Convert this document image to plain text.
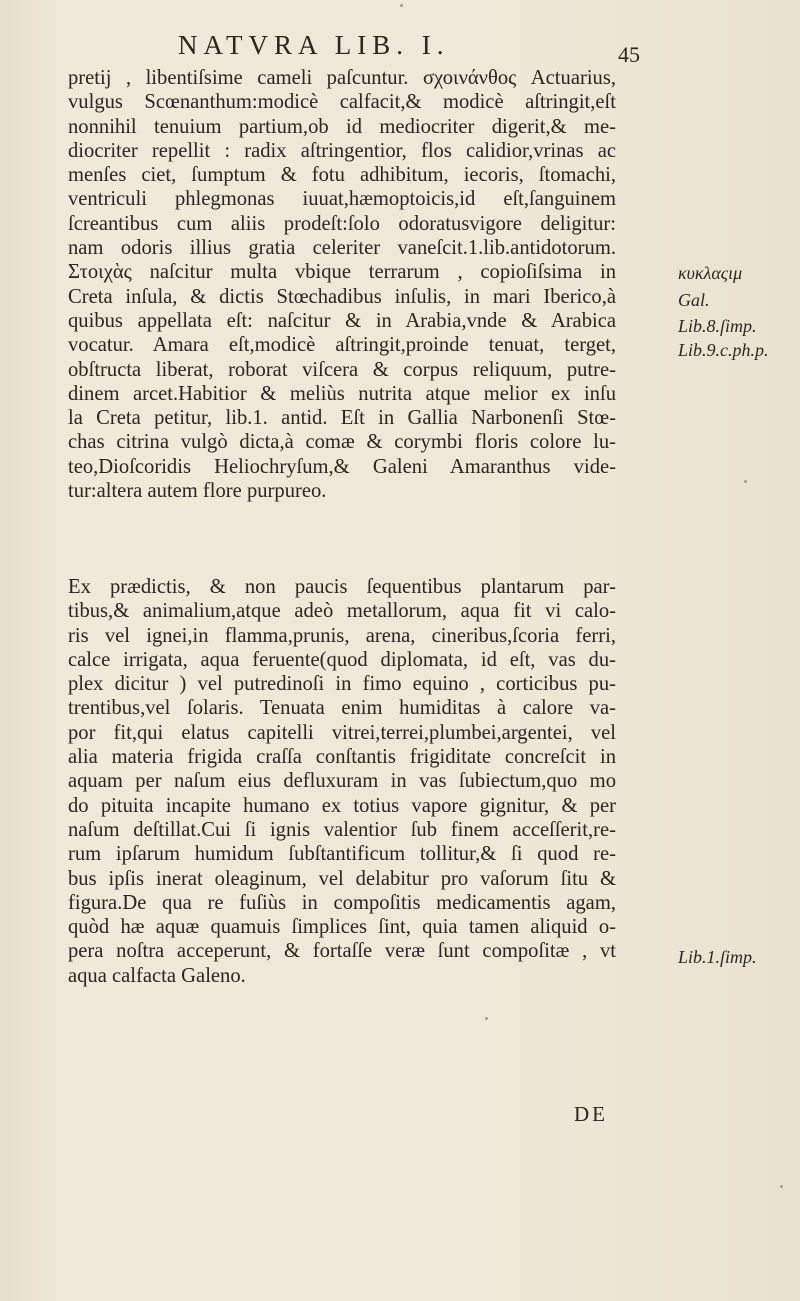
NATVRA LIB. I.	45
pretij , libentiſsime cameli paſcuntur. σχοινάνθος Actuarius,
vulgus Scœnanthum:modicè calfacit,& modicè aſtringit,eſt
nonnihil tenuium partium,ob id mediocriter digerit,& me-
diocriter repellit : radix aſtringentior, flos calidior,vrinas ac
menſes ciet, ſumptum & fotu adhibitum, iecoris, ſtomachi,
ventriculi phlegmonas iuuat,hæmoptoicis,id eſt,ſanguinem
ſcreantibus cum aliis prodeſt:ſolo odoratusvigore deligitur:
nam odoris illius gratia celeriter vaneſcit.1.lib.antidotorum.
Στοιχὰς naſcitur multa vbique terrarum , copioſiſsima in
Creta inſula, & dictis Stœchadibus inſulis, in mari Iberico,à
quibus appellata eſt: naſcitur & in Arabia,vnde & Arabica
vocatur. Amara eſt,modicè aſtringit,proinde tenuat, terget,
obſtructa liberat, roborat viſcera & corpus reliquum, putre-
dinem arcet.Habitior & meliùs nutrita atque melior ex inſu
la Creta petitur, lib.1. antid. Eſt in Gallia Narbonenſi Stœ-
chas citrina vulgò dicta,à comæ & corymbi floris colore lu-
teo,Dioſcoridis Heliochryſum,& Galeni Amaranthus vide-
tur:altera autem flore purpureo.
Ex prædictis, & non paucis ſequentibus plantarum par-
tibus,& animalium,atque adeò metallorum, aqua fit vi calo-
ris vel ignei,in flamma,prunis, arena, cineribus,ſcoria ferri,
calce irrigata, aqua feruente(quod diplomata, id eſt, vas du-
plex dicitur ) vel putredinoſi in fimo equino , corticibus pu-
trentibus,vel ſolaris. Tenuata enim humiditas à calore va-
por fit,qui elatus capitelli vitrei,terrei,plumbei,argentei, vel
alia materia frigida craſſa conſtantis frigiditate concreſcit in
aquam per naſum eius defluxuram in vas ſubiectum,quo mo
do pituita incapite humano ex totius vapore gignitur, & per
naſum deſtillat.Cui ſi ignis valentior ſub finem acceſſerit,re-
rum ipſarum humidum ſubſtantificum tollitur,& ſi quod re-
bus ipſis inerat oleaginum, vel delabitur pro vaſorum ſitu &
figura.De qua re fuſiùs in compoſitis medicamentis agam,
quòd hæ aquæ quamuis ſimplices ſint, quia tamen aliquid o-
pera noſtra acceperunt, & fortaſſe veræ ſunt compoſitæ , vt
aqua calfacta Galeno.
κυκλαςιμ
Gal.
Lib.8.ſimp.
Lib.9.c.ph.p.
Lib.1.ſimp.
DE
